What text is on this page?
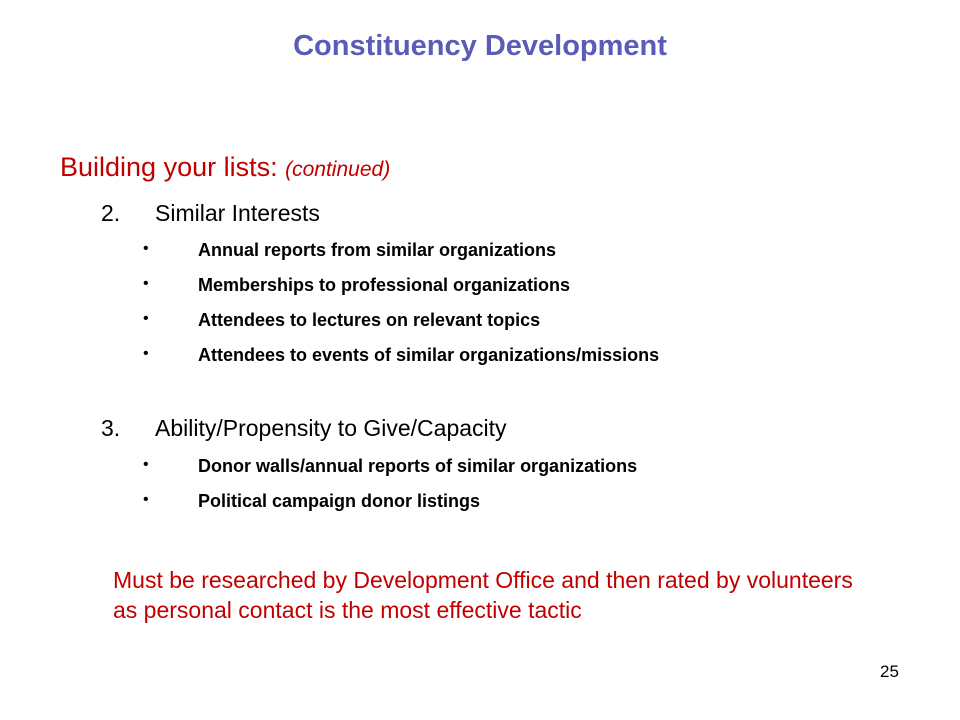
Constituency Development
Building your lists: (continued)
2. Similar Interests
•	Annual reports from similar organizations
•	Memberships to professional organizations
•	Attendees to lectures on relevant topics
•	Attendees to events of similar organizations/missions
3. Ability/Propensity to Give/Capacity
•	Donor walls/annual reports of similar organizations
•	Political campaign donor listings
Must be researched by Development Office and then rated by volunteers as personal contact is the most effective tactic
25
